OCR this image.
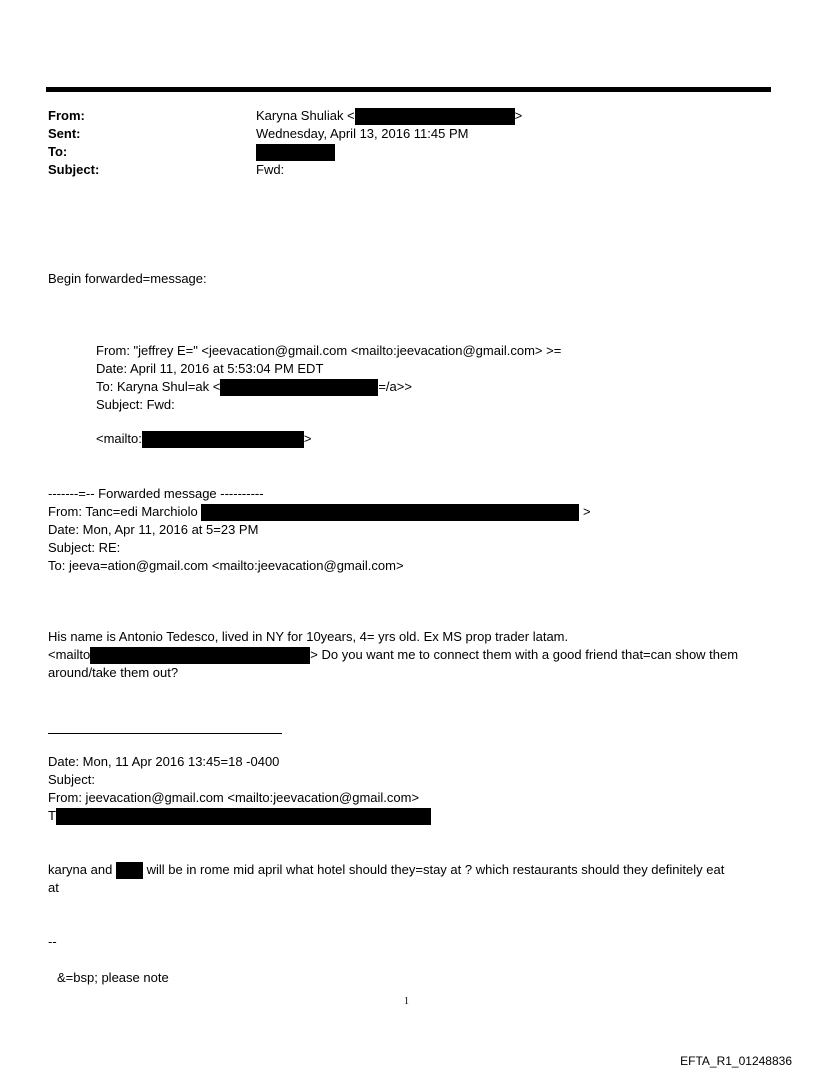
From:	Karyna Shuliak <	>
Sent:	Wednesday, April 13, 2016 11:45 PM
To:
Subject:	Fwd:
Begin forwarded=message:
From: "jeffrey E=" <jeevacation@gmail.com <mailto:jeevacation@gmail.com> >=
Date: April 11, 2016 at 5:53:04 PM EDT
To: Karyna Shul=ak <	=/a>>
Subject: Fwd:
<mailto:	>
-------=-- Forwarded message ----------
From: Tanc=edi Marchiolo	>
Date: Mon, Apr 11, 2016 at 5=23 PM
Subject: RE:
To: jeeva=ation@gmail.com <mailto:jeevacation@gmail.com>
His name is Antonio Tedesco, lived in NY for 10years, 4= yrs old. Ex MS prop trader latam.
<mailto	> Do you want me to connect them with a good friend that=can show them
around/take them out?
Date: Mon, 11 Apr 2016 13:45=18 -0400
Subject:
From: jeevacation@gmail.com <mailto:jeevacation@gmail.com>
T
karyna and	will be in rome mid april what hotel should they=stay at ? which restaurants should they definitely eat
at
--
&=bsp; please note
1
EFTA_R1_01248836
